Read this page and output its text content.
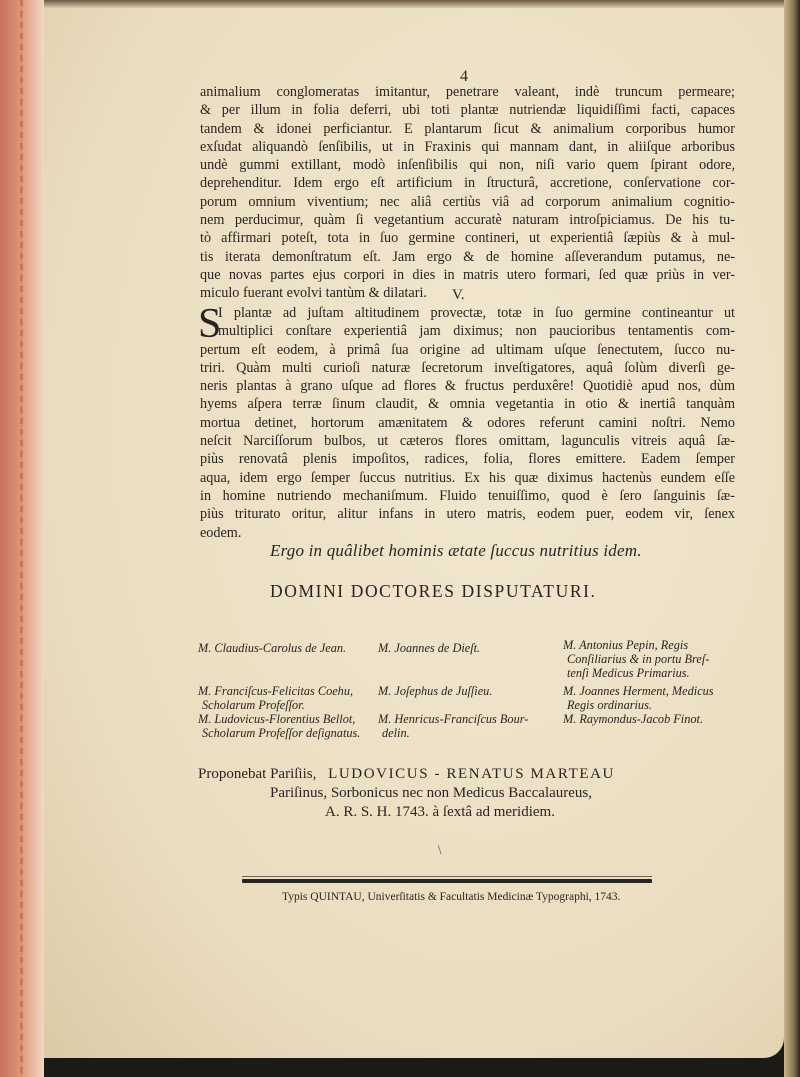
4
animalium conglomeratas imitantur, penetrare valeant, indè truncum permeare;
& per illum in folia deferri, ubi toti plantæ nutriendæ liquidiſſimi facti, capaces
tandem & idonei perficiantur. E plantarum ſicut & animalium corporibus humor
exſudat aliquandò ſenſibilis, ut in Fraxinis qui mannam dant, in aliiſque arboribus
undè gummi extillant, modò inſenſibilis qui non, niſi vario quem ſpirant odore,
deprehenditur. Idem ergo eſt artificium in ſtructurâ, accretione, conſervatione cor-
porum omnium viventium; nec aliâ certiùs viâ ad corporum animalium cognitio-
nem perducimur, quàm ſi vegetantium accuratè naturam introſpiciamus. De his tu-
tò affirmari poteſt, tota in ſuo germine contineri, ut experientiâ ſæpiùs & à mul-
tis iterata demonſtratum eſt. Jam ergo & de homine aſſeverandum putamus, ne-
que novas partes ejus corpori in dies in matris utero formari, ſed quæ priùs in ver-
miculo fuerant evolvi tantùm & dilatari.	V.
S
I plantæ ad juſtam altitudinem provectæ, totæ in ſuo germine contineantur ut
multiplici conſtare experientiâ jam diximus; non paucioribus tentamentis com-
pertum eſt eodem, à primâ ſua origine ad ultimam uſque ſenectutem, ſucco nu-
triri. Quàm multi curioſi naturæ ſecretorum inveſtigatores, aquâ ſolùm diverſi ge-
neris plantas à grano uſque ad flores & fructus perduxêre! Quotidiè apud nos, dùm
hyems aſpera terræ ſinum claudit, & omnia vegetantia in otio & inertiâ tanquàm
mortua detinet, hortorum amænitatem & odores referunt camini noſtri. Nemo
neſcit Narciſſorum bulbos, ut cæteros flores omittam, lagunculis vitreis aquâ ſæ-
piùs renovatâ plenis impoſitos, radices, folia, flores emittere. Eadem ſemper
aqua, idem ergo ſemper ſuccus nutritius. Ex his quæ diximus hactenùs eundem eſſe
in homine nutriendo mechaniſmum. Fluido tenuiſſimo, quod è ſero ſanguinis ſæ-
piùs triturato oritur, alitur infans in utero matris, eodem puer, eodem vir, ſenex
eodem.
Ergo in quâlibet hominis ætate ſuccus nutritius idem.
DOMINI DOCTORES DISPUTATURI.
M. Claudius-Carolus de Jean.
M. Franciſcus-Felicitas Coehu,
Scholarum Profeſſor.
M. Ludovicus-Florentius Bellot,
Scholarum Profeſſor deſignatus.
M. Joannes de Dieſt.
M. Joſephus de Juſſieu.
M. Henricus-Franciſcus Bour-
delin.
M. Antonius Pepin, Regis
Conſiliarius & in portu Breſ-
tenſi Medicus Primarius.
M. Joannes Herment, Medicus
Regis ordinarius.
M. Raymondus-Jacob Finot.
Proponebat Pariſiis, LUDOVICUS - RENATUS MARTEAU
Pariſinus, Sorbonicus nec non Medicus Baccalaureus,
A. R. S. H. 1743. à ſextâ ad meridiem.
\
Typis QUINTAU, Univerſitatis & Facultatis Medicinæ Typographi, 1743.
